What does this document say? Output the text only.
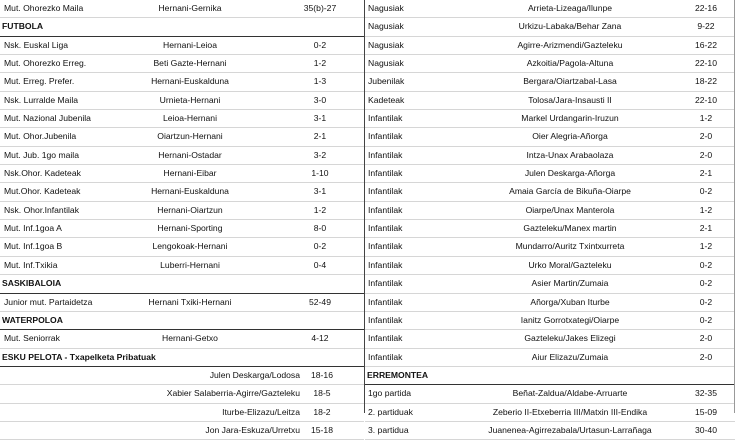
Mut. Ohorezko Maila	Hernani-Gernika	35(b)-27
FUTBOLA
Nsk. Euskal Liga	Hernani-Leioa	0-2
Mut. Ohorezko Erreg.	Beti Gazte-Hernani	1-2
Mut. Erreg. Prefer.	Hernani-Euskalduna	1-3
Nsk. Lurralde Maila	Urnieta-Hernani	3-0
Mut. Nazional Jubenila	Leioa-Hernani	3-1
Mut. Ohor.Jubenila	Oiartzun-Hernani	2-1
Mut. Jub. 1go maila	Hernani-Ostadar	3-2
Nsk.Ohor. Kadeteak	Hernani-Eibar	1-10
Mut.Ohor. Kadeteak	Hernani-Euskalduna	3-1
Nsk. Ohor.Infantilak	Hernani-Oiartzun	1-2
Mut. Inf.1goa A	Hernani-Sporting	8-0
Mut. Inf.1goa B	Lengokoak-Hernani	0-2
Mut. Inf.Txikia	Luberri-Hernani	0-4
SASKIBALOIA
Junior mut. Partaidetza	Hernani Txiki-Hernani	52-49
WATERPOLOA
Mut. Seniorrak	Hernani-Getxo	4-12
ESKU PELOTA - Txapelketa Pribatuak
Julen Deskarga/Lodosa	18-16
Xabier Salaberria-Agirre/Gazteleku	18-5
Iturbe-Elizazu/Leitza	18-2
Jon Jara-Eskuza/Urretxu	15-18
Nagusiak	Arrieta-Lizeaga/Ilunpe	22-16
Nagusiak	Urkizu-Labaka/Behar Zana	9-22
Nagusiak	Agirre-Arizmendi/Gazteleku	16-22
Nagusiak	Azkoitia/Pagola-Altuna	22-10
Jubenilak	Bergara/Oiartzabal-Lasa	18-22
Kadeteak	Tolosa/Jara-Insausti II	22-10
Infantilak	Markel Urdangarin-Iruzun	1-2
Infantilak	Oier Alegria-Añorga	2-0
Infantilak	Intza-Unax Arabaolaza	2-0
Infantilak	Julen Deskarga-Añorga	2-1
Infantilak	Amaia García de Bikuña-Oiarpe	0-2
Infantilak	Oiarpe/Unax Manterola	1-2
Infantilak	Gazteleku/Manex martin	2-1
Infantilak	Mundarro/Auritz Txintxurreta	1-2
Infantilak	Urko Moral/Gazteleku	0-2
Infantilak	Asier Martin/Zumaia	0-2
Infantilak	Añorga/Xuban Iturbe	0-2
Infantilak	Ianitz Gorrotxategi/Oiarpe	0-2
Infantilak	Gazteleku/Jakes Elizegi	2-0
Infantilak	Aiur Elizazu/Zumaia	2-0
ERREMONTEA
1go partida	Beñat-Zaldua/Aldabe-Arruarte	32-35
2. partiduak	Zeberio II-Etxeberria III/Matxin III-Endika	15-09
3. partidua	Juanenea-Agirrezabala/Urtasun-Larrañaga	30-40
